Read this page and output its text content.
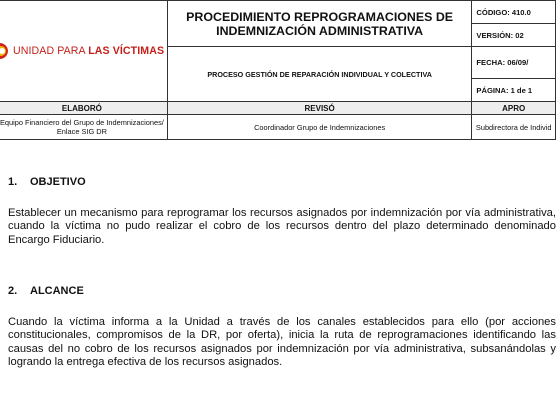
UNIDAD PARA LAS VÍCTIMAS	PROCEDIMIENTO REPROGRAMACIONES DE INDEMNIZACIÓN ADMINISTRATIVA	CÓDIGO: 410.0
		VERSIÓN: 02
	PROCESO GESTIÓN DE REPARACIÓN INDIVIDUAL Y COLECTIVA	FECHA: 06/09/
		PÁGINA: 1 de 1
ELABORÓ	REVISÓ	APRO
Equipo Financiero del Grupo de Indemnizaciones/ Enlace SIG DR	Coordinador Grupo de Indemnizaciones	Subdirectora de Individ
1. OBJETIVO
Establecer un mecanismo para reprogramar los recursos asignados por indemnización por vía administrativa, cuando la víctima no pudo realizar el cobro de los recursos dentro del plazo determinado denominado Encargo Fiduciario.
2. ALCANCE
Cuando la víctima informa a la Unidad a través de los canales establecidos para ello (por acciones constitucionales, compromisos de la DR, por oferta), inicia la ruta de reprogramaciones identificando las causas del no cobro de los recursos asignados por indemnización por vía administrativa, subsanándolas y logrando la entrega efectiva de los recursos asignados.
